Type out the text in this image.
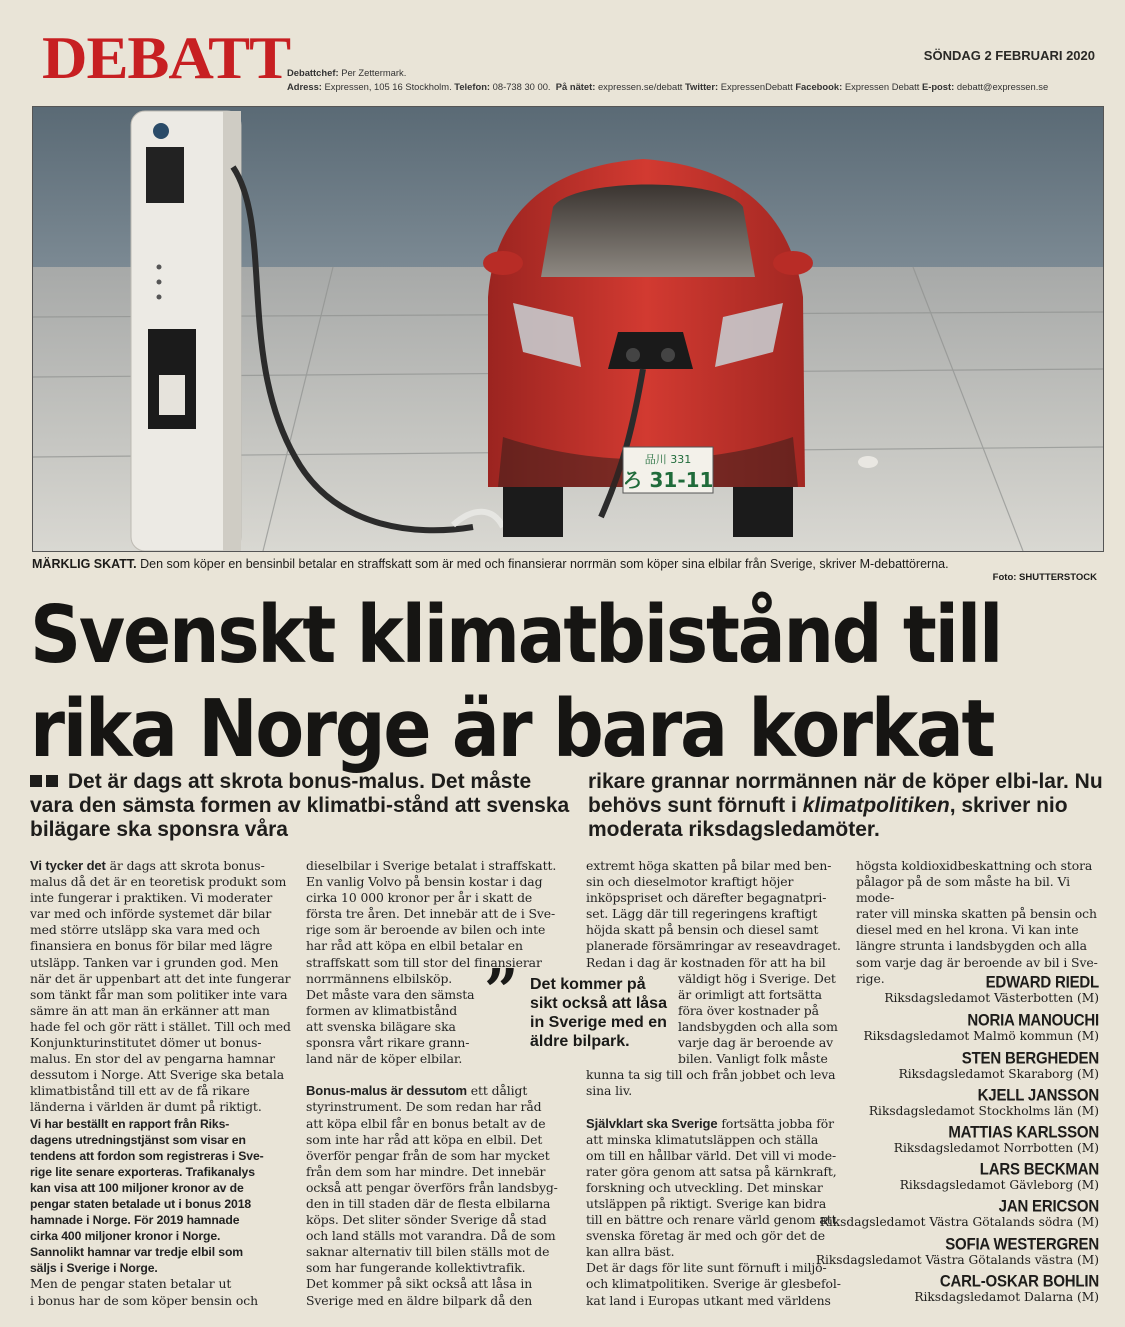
DEBATT	SÖNDAG 2 FEBRUARI 2020
Debattchef: Per Zettermark.
Adress: Expressen, 105 16 Stockholm. Telefon: 08-738 30 00. På nätet: expressen.se/debatt Twitter: ExpressenDebatt Facebook: Expressen Debatt E-post: debatt@expressen.se
品川 331
ろ 31-11
MÄRKLIG SKATT. Den som köper en bensinbil betalar en straffskatt som är med och finansierar norrmän som köper sina elbilar från Sverige, skriver M-debattörerna.
Foto: SHUTTERSTOCK
Svenskt klimatbistånd till
rika Norge är bara korkat
Det är dags att skrota bonus-malus. Det måste vara den sämsta formen av klimatbi-stånd att svenska bilägare ska sponsra våra
rikare grannar norrmännen när de köper elbi-lar. Nu behövs sunt förnuft i klimatpolitiken, skriver nio moderata riksdagsledamöter.
Vi tycker det är dags att skrota bonus-
malus då det är en teoretisk produkt som
inte fungerar i praktiken. Vi moderater
var med och införde systemet där bilar
med större utsläpp ska vara med och
finansiera en bonus för bilar med lägre
utsläpp. Tanken var i grunden god. Men
när det är uppenbart att det inte fungerar
som tänkt får man som politiker inte vara
sämre än att man än erkänner att man
hade fel och gör rätt i stället. Till och med
Konjunkturinstitutet dömer ut bonus-
malus. En stor del av pengarna hamnar
dessutom i Norge. Att Sverige ska betala
klimatbistånd till ett av de få rikare
länderna i världen är dumt på riktigt.

Vi har beställt en rapport från Riks-
dagens utredningstjänst som visar en
tendens att fordon som registreras i Sve-
rige lite senare exporteras. Trafikanalys
kan visa att 100 miljoner kronor av de
pengar staten betalade ut i bonus 2018
hamnade i Norge. För 2019 hamnade
cirka 400 miljoner kronor i Norge.
Sannolikt hamnar var tredje elbil som
säljs i Sverige i Norge.
Men de pengar staten betalar ut
i bonus har de som köper bensin och
dieselbilar i Sverige betalat i straffskatt.
En vanlig Volvo på bensin kostar i dag
cirka 10 000 kronor per år i skatt de
första tre åren. Det innebär att de i Sve-
rige som är beroende av bilen och inte
har råd att köpa en elbil betalar en
straffskatt som till stor del finansierar
norrmännens elbilsköp.
Det måste vara den sämsta
formen av klimatbistånd
att svenska bilägare ska
sponsra vårt rikare grann-
land när de köper elbilar.

Bonus-malus är dessutom ett dåligt
styrinstrument. De som redan har råd
att köpa elbil får en bonus betalt av de
som inte har råd att köpa en elbil. Det
överför pengar från de som har mycket
från dem som har mindre. Det innebär
också att pengar överförs från landsbyg-
den in till staden där de flesta elbilarna
köps. Det sliter sönder Sverige då stad
och land ställs mot varandra. Då de som
saknar alternativ till bilen ställs mot de
som har fungerande kollektivtrafik.

Det kommer på sikt också att låsa in
Sverige med en äldre bilpark då den
” Det kommer på sikt också att låsa in Sverige med en äldre bilpark.
extremt höga skatten på bilar med ben-
sin och dieselmotor kraftigt höjer
inköpspriset och därefter begagnatpri-
set. Lägg där till regeringens kraftigt
höjda skatt på bensin och diesel samt
planerade försämringar av reseavdraget.
Redan i dag är kostnaden för att ha bil
väldigt hög i Sverige. Det
är orimligt att fortsätta
föra över kostnader på
landsbygden och alla som
varje dag är beroende av
bilen. Vanligt folk måste
kunna ta sig till och från jobbet och leva
sina liv.

Självklart ska Sverige fortsätta jobba för
att minska klimatutsläppen och ställa
om till en hållbar värld. Det vill vi mode-
rater göra genom att satsa på kärnkraft,
forskning och utveckling. Det minskar
utsläppen på riktigt. Sverige kan bidra
till en bättre och renare värld genom att
svenska företag är med och gör det de
kan allra bäst.

Det är dags för lite sunt förnuft i miljö-
och klimatpolitiken. Sverige är glesbefol-
kat land i Europas utkant med världens
högsta koldioxidbeskattning och stora
pålagor på de som måste ha bil. Vi mode-
rater vill minska skatten på bensin och
diesel med en hel krona. Vi kan inte
längre strunta i landsbygden och alla
som varje dag är beroende av bil i Sve-
rige.	EDWARD RIEDL
Riksdagsledamot Västerbotten (M)
NORIA MANOUCHI
Riksdagsledamot Malmö kommun (M)
STEN BERGHEDEN
Riksdagsledamot Skaraborg (M)
KJELL JANSSON
Riksdagsledamot Stockholms län (M)
MATTIAS KARLSSON
Riksdagsledamot Norrbotten (M)
LARS BECKMAN
Riksdagsledamot Gävleborg (M)
JAN ERICSON
Riksdagsledamot Västra Götalands södra (M)
SOFIA WESTERGREN
Riksdagsledamot Västra Götalands västra (M)
CARL-OSKAR BOHLIN
Riksdagsledamot Dalarna (M)
